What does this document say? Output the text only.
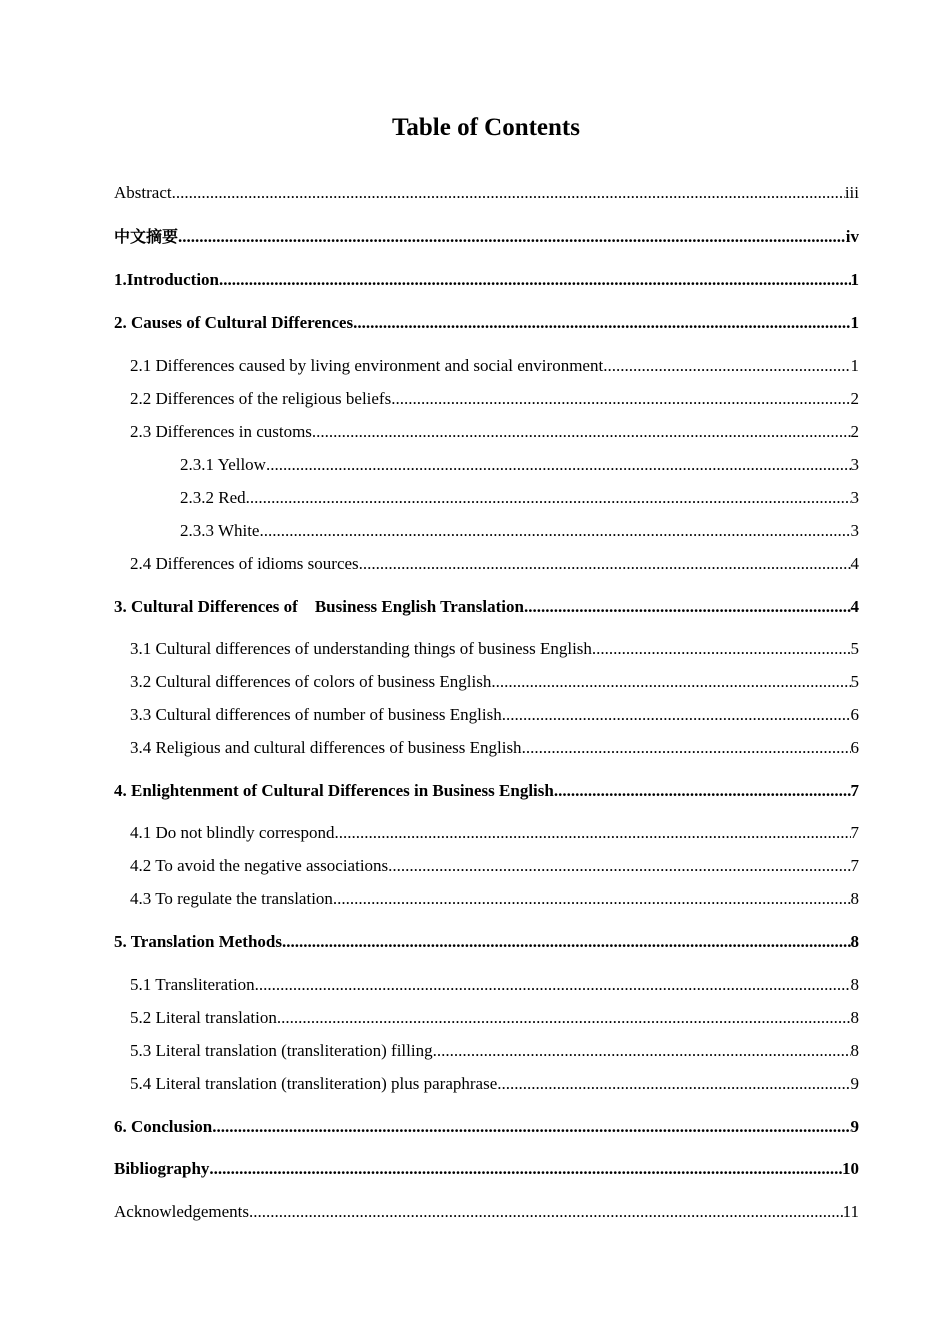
Table of Contents
Abstract .....	iii
中文摘要 .....	iv
1.Introduction .....	1
2. Causes of Cultural Differences .....	1
2.1 Differences caused by living environment and social environment .....	1
2.2 Differences of the religious beliefs .....	2
2.3 Differences in customs .....	2
2.3.1 Yellow .....	3
2.3.2 Red .....	3
2.3.3 White .....	3
2.4 Differences of idioms sources .....	4
3. Cultural Differences of    Business English Translation .....	4
3.1 Cultural differences of understanding things of business English .....	5
3.2 Cultural differences of colors of business English .....	5
3.3 Cultural differences of number of business English .....	6
3.4 Religious and cultural differences of business English .....	6
4. Enlightenment of Cultural Differences in Business English .....	7
4.1 Do not blindly correspond .....	7
4.2 To avoid the negative associations .....	7
4.3 To regulate the translation .....	8
5. Translation Methods .....	8
5.1 Transliteration .....	8
5.2 Literal translation .....	8
5.3 Literal translation (transliteration) filling .....	8
5.4 Literal translation (transliteration) plus paraphrase .....	9
6. Conclusion .....	9
Bibliography .....	10
Acknowledgements .....	11
